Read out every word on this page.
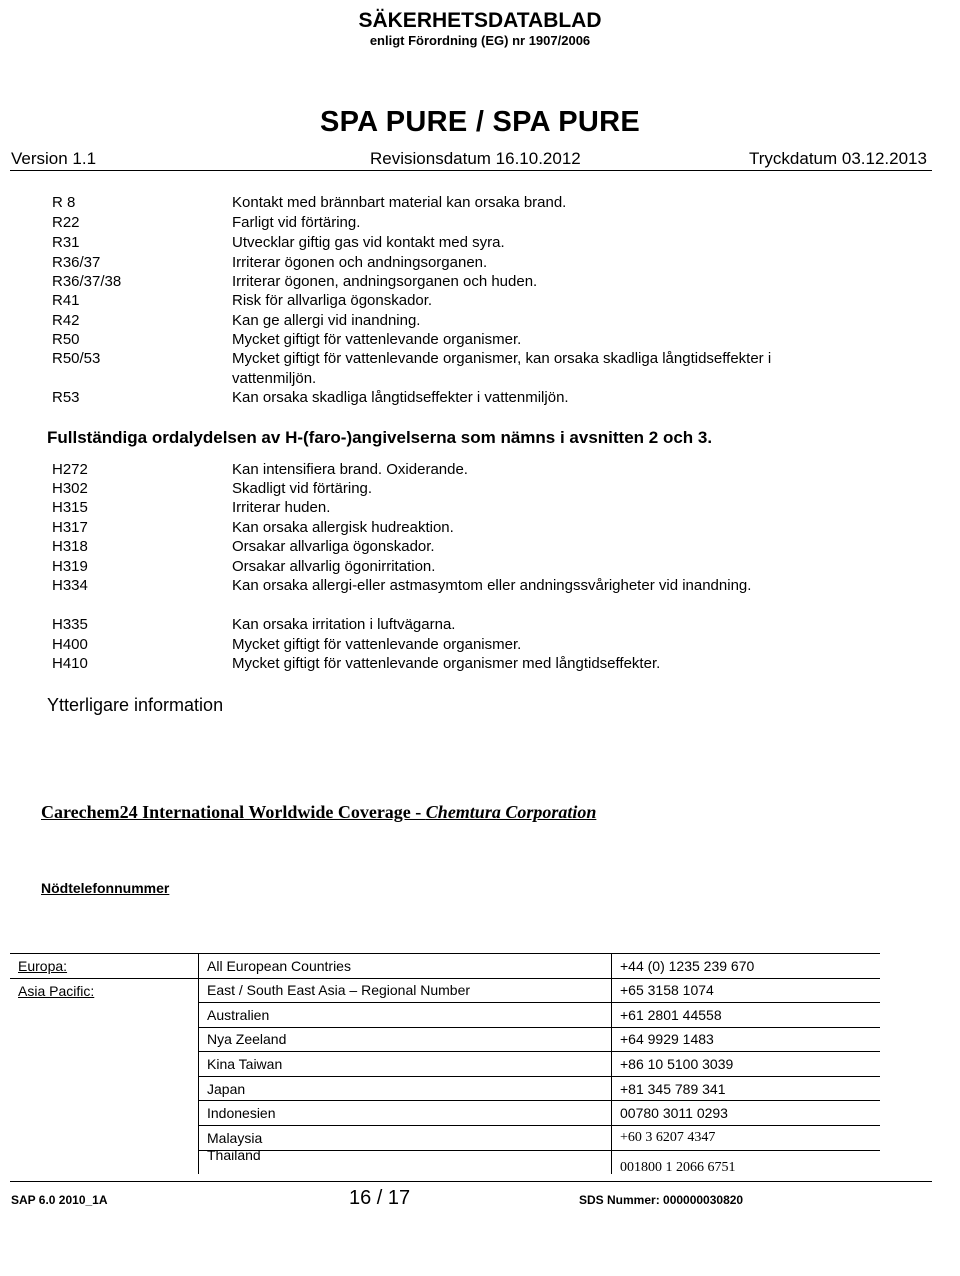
SÄKERHETSDATABLAD
enligt Förordning (EG) nr 1907/2006
SPA PURE / SPA PURE
Version 1.1	Revisionsdatum 16.10.2012	Tryckdatum 03.12.2013
R 8	Kontakt med brännbart material kan orsaka brand.
R22	Farligt vid förtäring.
R31	Utvecklar giftig gas vid kontakt med syra.
R36/37	Irriterar ögonen och andningsorganen.
R36/37/38	Irriterar ögonen, andningsorganen och huden.
R41	Risk för allvarliga ögonskador.
R42	Kan ge allergi vid inandning.
R50	Mycket giftigt för vattenlevande organismer.
R50/53	Mycket giftigt för vattenlevande organismer, kan orsaka skadliga långtidseffekter i vattenmiljön.
R53	Kan orsaka skadliga långtidseffekter i vattenmiljön.
Fullständiga ordalydelsen av H-(faro-)angivelserna som nämns i avsnitten 2 och 3.
H272	Kan intensifiera brand. Oxiderande.
H302	Skadligt vid förtäring.
H315	Irriterar huden.
H317	Kan orsaka allergisk hudreaktion.
H318	Orsakar allvarliga ögonskador.
H319	Orsakar allvarlig ögonirritation.
H334	Kan orsaka allergi-eller astmasymtom eller andningssvårigheter vid inandning.
H335	Kan orsaka irritation i luftvägarna.
H400	Mycket giftigt för vattenlevande organismer.
H410	Mycket giftigt för vattenlevande organismer med långtidseffekter.
Ytterligare information
Carechem24 International Worldwide Coverage - Chemtura Corporation
Nödtelefonnummer
Europa:	All European Countries	+44 (0) 1235 239 670
Asia Pacific:	East / South East Asia – Regional Number	+65 3158 1074
	Australien	+61 2801 44558
	Nya Zeeland	+64 9929 1483
	Kina Taiwan	+86 10 5100 3039
	Japan	+81 345 789 341
	Indonesien	00780 3011 0293
	Malaysia	+60 3 6207 4347
	Thailand	001800 1 2066 6751
SAP 6.0 2010_1A	16 / 17	SDS Nummer: 000000030820
